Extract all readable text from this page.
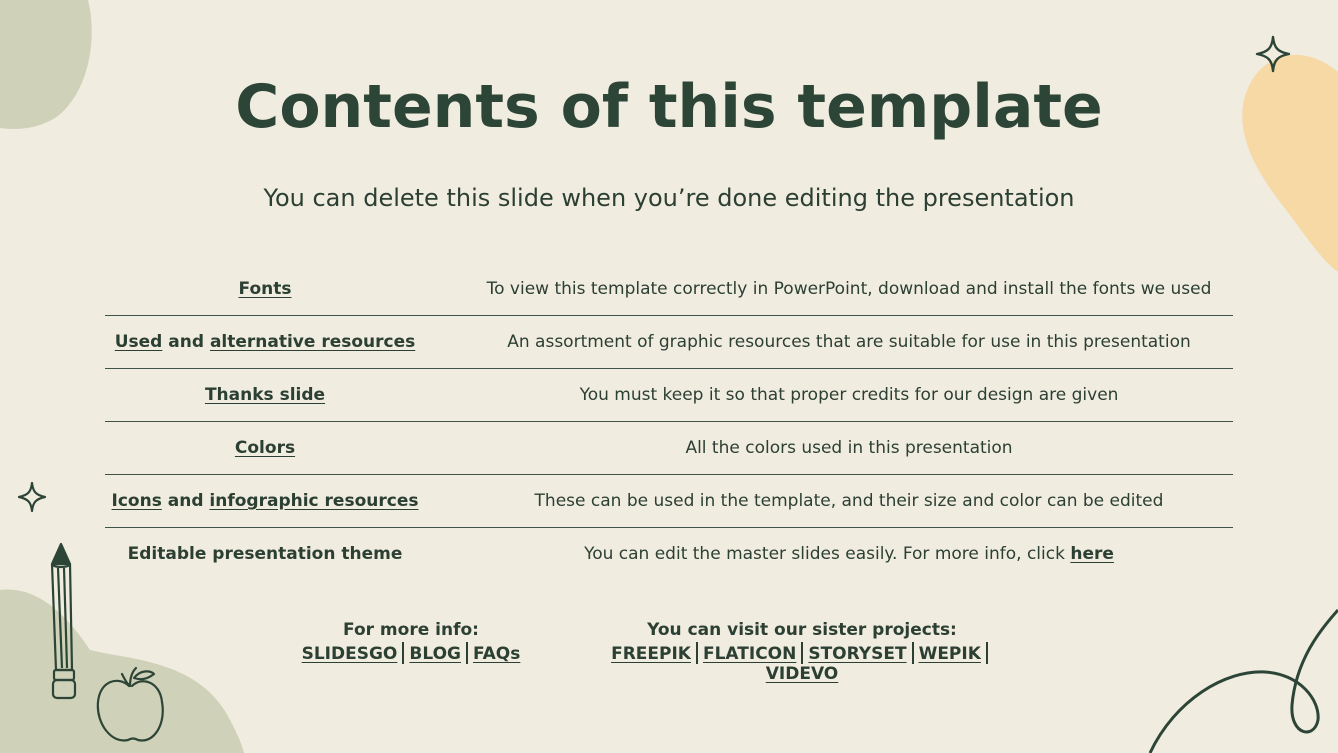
Contents of this template

You can delete this slide when you’re done editing the presentation

Fonts	To view this template correctly in PowerPoint, download and install the fonts we used
Used and alternative resources	An assortment of graphic resources that are suitable for use in this presentation
Thanks slide	You must keep it so that proper credits for our design are given
Colors	All the colors used in this presentation
Icons and infographic resources	These can be used in the template, and their size and color can be edited
Editable presentation theme	You can edit the master slides easily. For more info, click here
For more info:
SLIDESGO BLOG FAQs
You can visit our sister projects:
FREEPIK FLATICON STORYSET WEPIKVIDEVO
